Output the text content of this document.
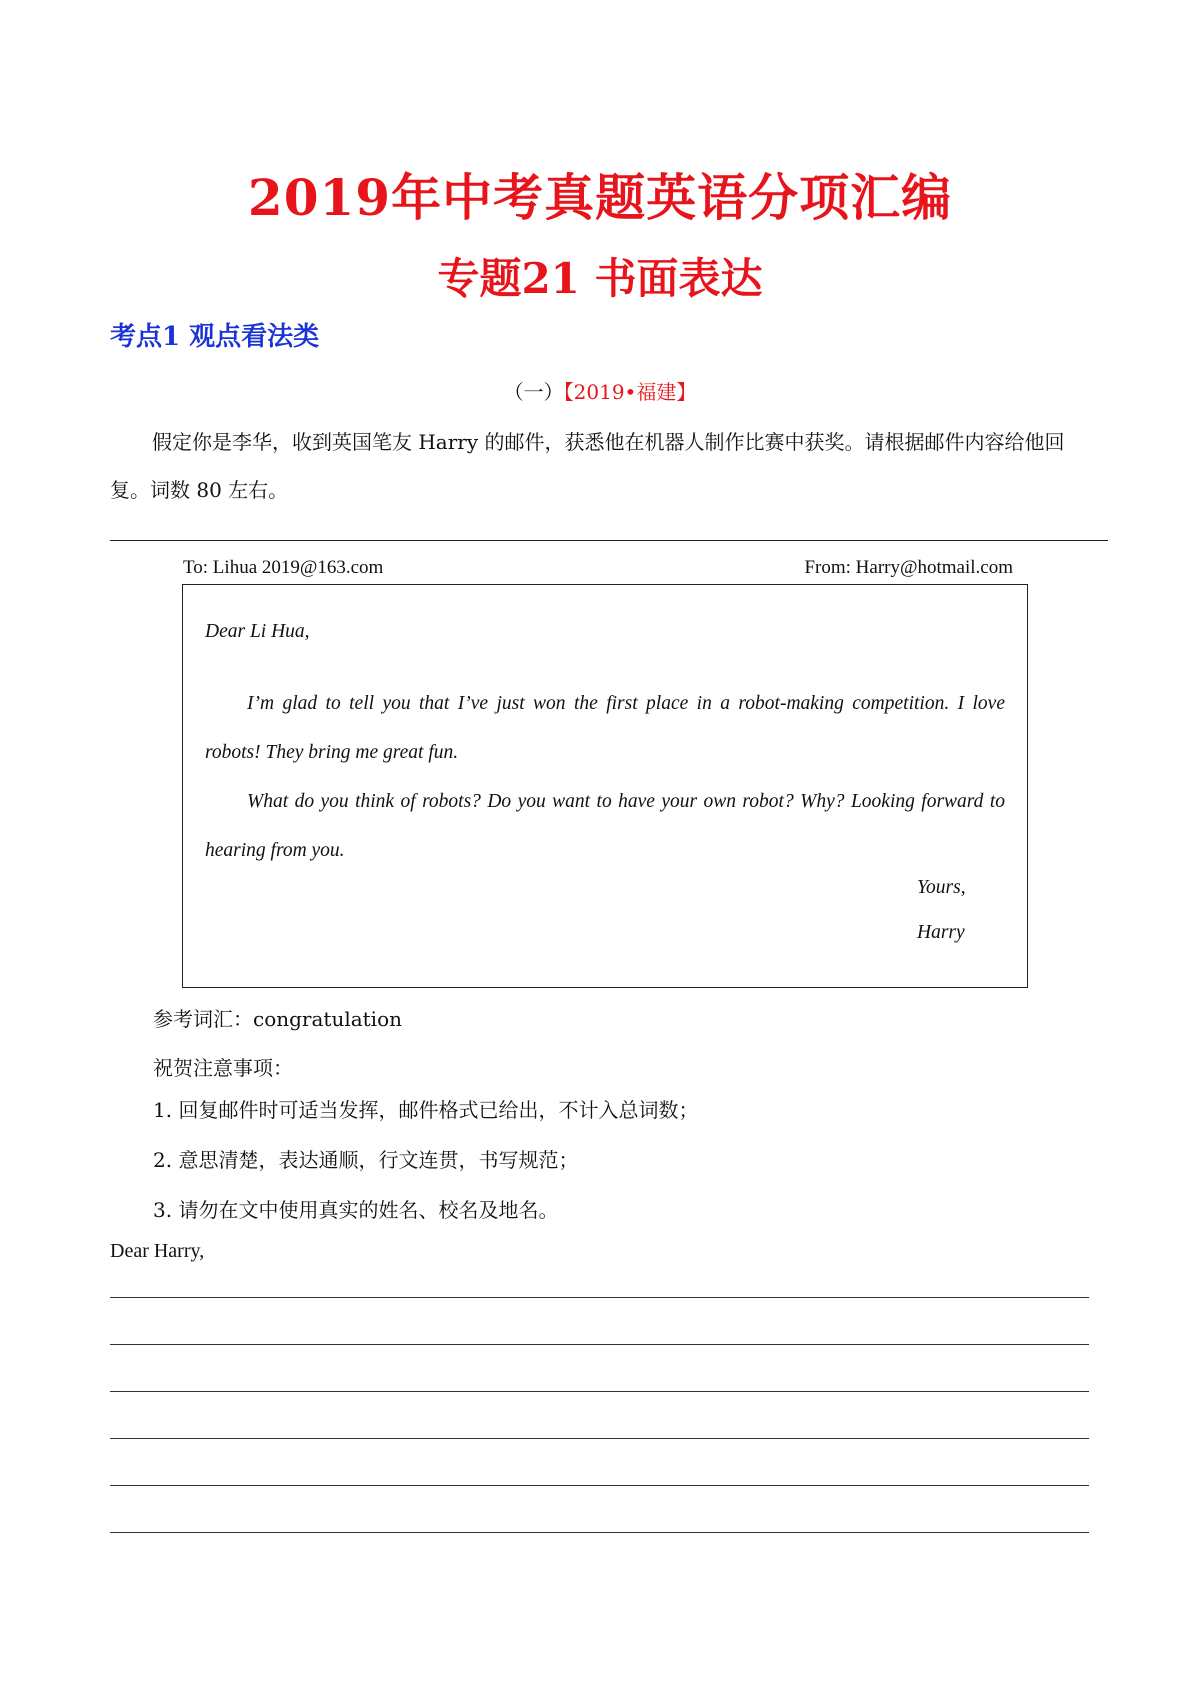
2019年中考真题英语分项汇编
专题21 书面表达
考点1 观点看法类
（一）【2019•福建】

假定你是李华，收到英国笔友 Harry 的邮件，获悉他在机器人制作比赛中获奖。请根据邮件内容给他回复。词数 80 左右。

To: Lihua 2019@163.com	From: Harry@hotmail.com

Dear Li Hua,

I’m glad to tell you that I’ve just won the first place in a robot-making competition. I love robots! They bring me great fun.

What do you think of robots? Do you want to have your own robot? Why? Looking forward to hearing from you.

Yours,

Harry

参考词汇：congratulation
祝贺注意事项：
1. 回复邮件时可适当发挥，邮件格式已给出，不计入总词数；
2. 意思清楚，表达通顺，行文连贯，书写规范；
3. 请勿在文中使用真实的姓名、校名及地名。
Dear Harry,
